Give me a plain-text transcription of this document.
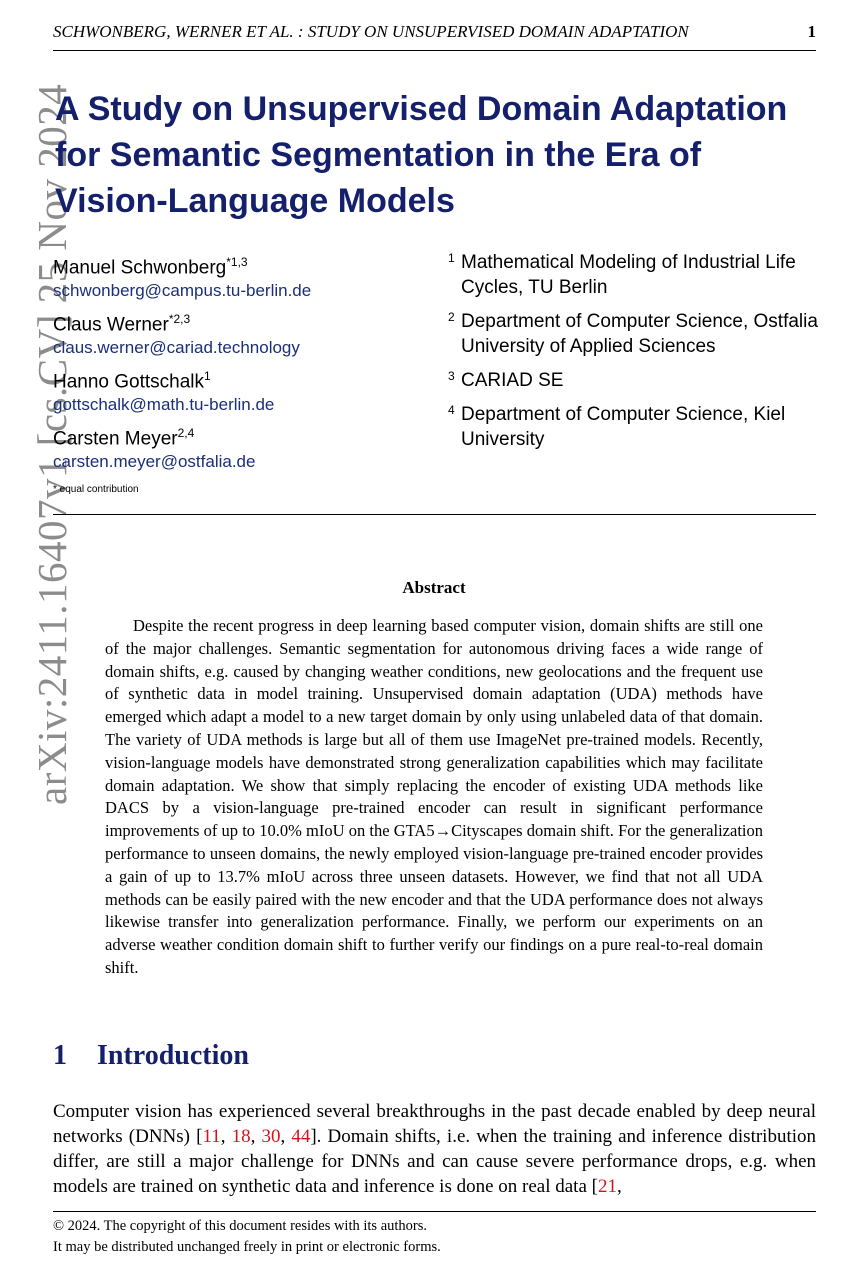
arXiv:2411.16407v1 [cs.CV] 25 Nov 2024
SCHWONBERG, WERNER ET AL. : STUDY ON UNSUPERVISED DOMAIN ADAPTATION	1
A Study on Unsupervised Domain Adaptation for Semantic Segmentation in the Era of Vision-Language Models
Manuel Schwonberg$^{*1,3}$
schwonberg@campus.tu-berlin.de
Claus Werner$^{*2,3}$
claus.werner@cariad.technology
Hanno Gottschalk$^1$
gottschalk@math.tu-berlin.de
Carsten Meyer$^{2,4}$
carsten.meyer@ostfalia.de
1 Mathematical Modeling of Industrial Life Cycles, TU Berlin
2 Department of Computer Science, Ostfalia University of Applied Sciences
3 CARIAD SE
4 Department of Computer Science, Kiel University
* equal contribution
Abstract

Despite the recent progress in deep learning based computer vision, domain shifts are still one of the major challenges. Semantic segmentation for autonomous driving faces a wide range of domain shifts, e.g. caused by changing weather conditions, new geolocations and the frequent use of synthetic data in model training. Unsupervised domain adaptation (UDA) methods have emerged which adapt a model to a new target domain by only using unlabeled data of that domain. The variety of UDA methods is large but all of them use ImageNet pre-trained models. Recently, vision-language models have demonstrated strong generalization capabilities which may facilitate domain adaptation. We show that simply replacing the encoder of existing UDA methods like DACS by a vision-language pre-trained encoder can result in significant performance improvements of up to 10.0% mIoU on the GTA5→Cityscapes domain shift. For the generalization performance to unseen domains, the newly employed vision-language pre-trained encoder provides a gain of up to 13.7% mIoU across three unseen datasets. However, we find that not all UDA methods can be easily paired with the new encoder and that the UDA performance does not always likewise transfer into generalization performance. Finally, we perform our experiments on an adverse weather condition domain shift to further verify our findings on a pure real-to-real domain shift.

1 Introduction

Computer vision has experienced several breakthroughs in the past decade enabled by deep neural networks (DNNs) [11, 18, 30, 44]. Domain shifts, i.e. when the training and inference distribution differ, are still a major challenge for DNNs and can cause severe performance drops, e.g. when models are trained on synthetic data and inference is done on real data [21,

© 2024. The copyright of this document resides with its authors.
It may be distributed unchanged freely in print or electronic forms.
